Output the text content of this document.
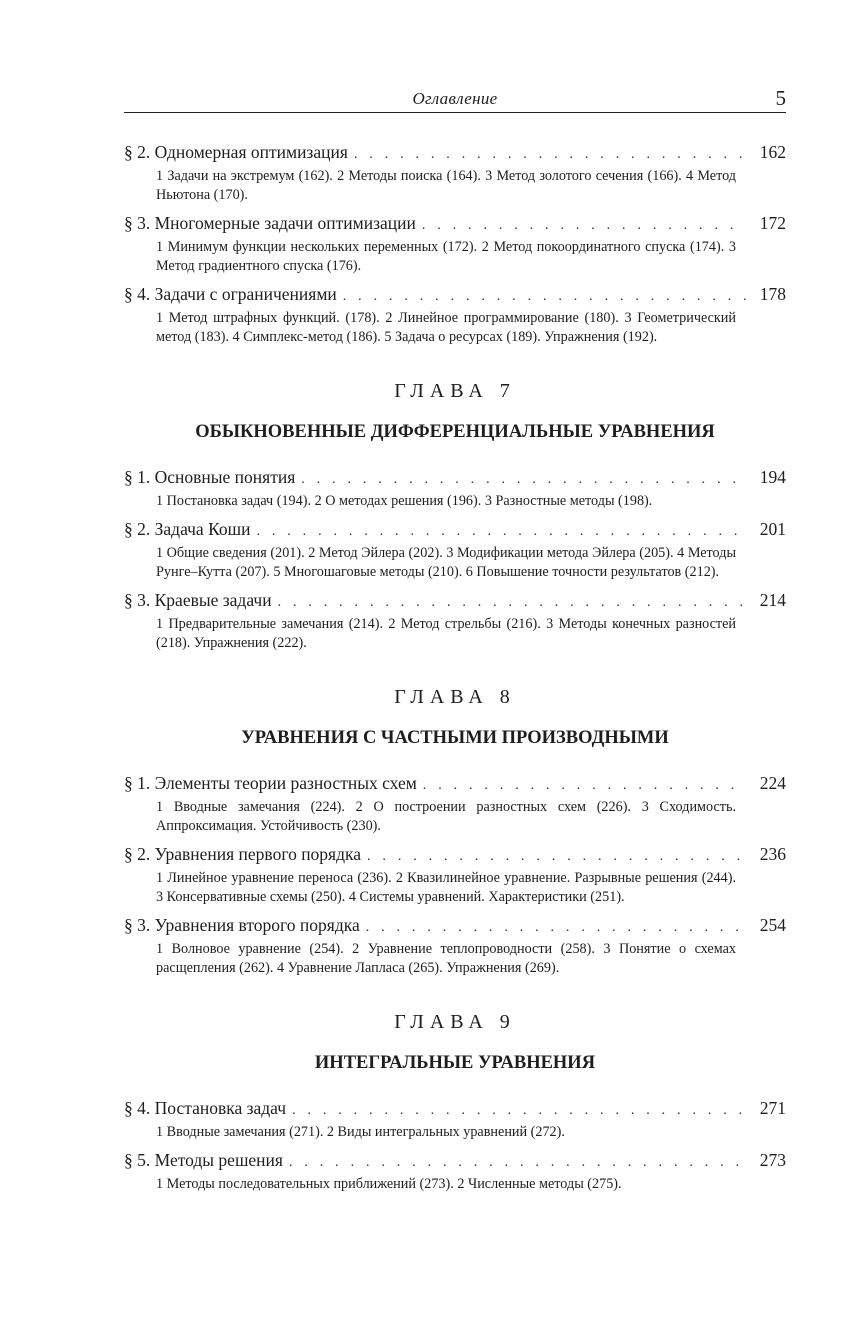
Оглавление	5
§ 2. Одномерная оптимизация . . .	162
1 Задачи на экстремум (162). 2 Методы поиска (164). 3 Метод золотого сечения (166). 4 Метод Ньютона (170).
§ 3. Многомерные задачи оптимизации . . .	172
1 Минимум функции нескольких переменных (172). 2 Метод покоординатного спуска (174). 3 Метод градиентного спуска (176).
§ 4. Задачи с ограничениями . . .	178
1 Метод штрафных функций. (178). 2 Линейное программирование (180). 3 Геометрический метод (183). 4 Симплекс-метод (186). 5 Задача о ресурсах (189). Упражнения (192).
ГЛАВА 7
ОБЫКНОВЕННЫЕ ДИФФЕРЕНЦИАЛЬНЫЕ УРАВНЕНИЯ
§ 1. Основные понятия . . .	194
1 Постановка задач (194). 2 О методах решения (196). 3 Разностные методы (198).
§ 2. Задача Коши . . .	201
1 Общие сведения (201). 2 Метод Эйлера (202). 3 Модификации метода Эйлера (205). 4 Методы Рунге–Кутта (207). 5 Многошаговые методы (210). 6 Повышение точности результатов (212).
§ 3. Краевые задачи . . .	214
1 Предварительные замечания (214). 2 Метод стрельбы (216). 3 Методы конечных разностей (218). Упражнения (222).
ГЛАВА 8
УРАВНЕНИЯ С ЧАСТНЫМИ ПРОИЗВОДНЫМИ
§ 1. Элементы теории разностных схем . . .	224
1 Вводные замечания (224). 2 О построении разностных схем (226). 3 Сходимость. Аппроксимация. Устойчивость (230).
§ 2. Уравнения первого порядка . . .	236
1 Линейное уравнение переноса (236). 2 Квазилинейное уравнение. Разрывные решения (244). 3 Консервативные схемы (250). 4 Системы уравнений. Характеристики (251).
§ 3. Уравнения второго порядка . . .	254
1 Волновое уравнение (254). 2 Уравнение теплопроводности (258). 3 Понятие о схемах расщепления (262). 4 Уравнение Лапласа (265). Упражнения (269).
ГЛАВА 9
ИНТЕГРАЛЬНЫЕ УРАВНЕНИЯ
§ 4. Постановка задач . . .	271
1 Вводные замечания (271). 2 Виды интегральных уравнений (272).
§ 5. Методы решения . . .	273
1 Методы последовательных приближений (273). 2 Численные методы (275).
